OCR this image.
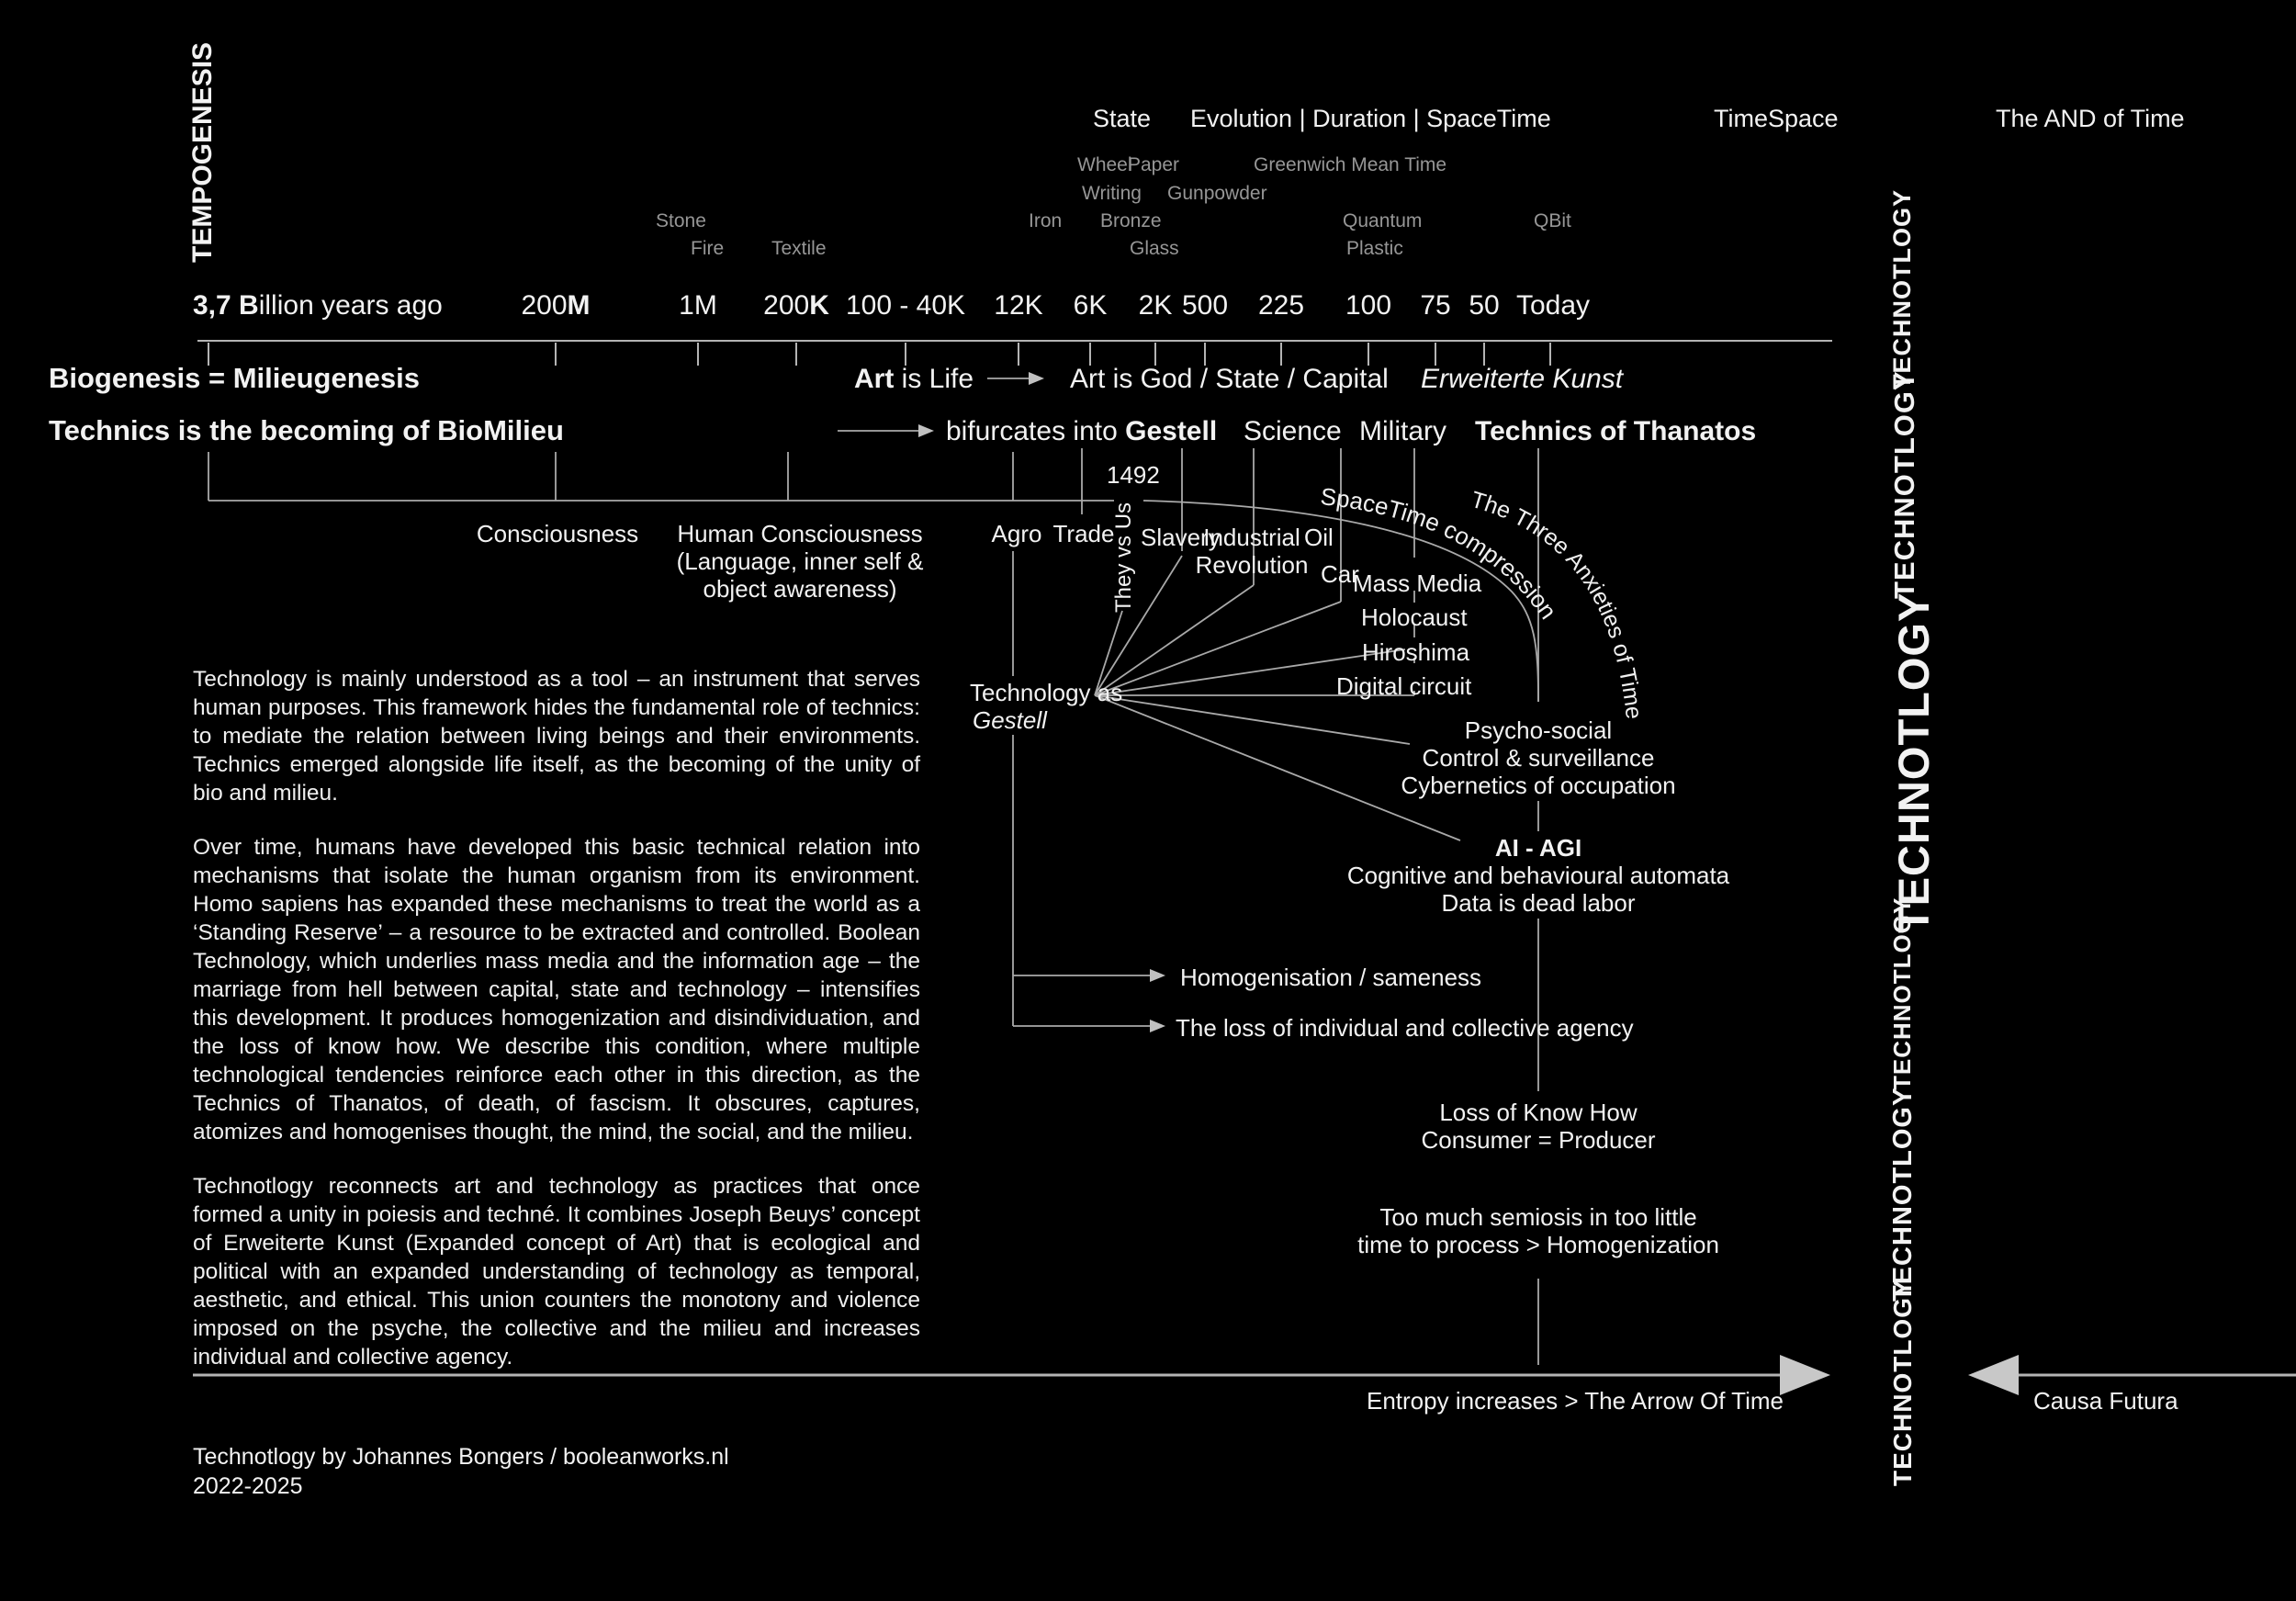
SpaceTime compression
The Three Anxieties of Time
TEMPOGENESIS
TECHNOTLOGY
TECHNOTLOGY
TECHNOTLOGY
TECHNOTLOGY
TECHNOTLOGY
TECHNOTLOGY
State Evolution | Duration | SpaceTime	TimeSpace	The AND of Time
Wheel
Paper	Greenwich Mean Time
Writing Gunpowder
Stone	Iron Bronze	Quantum	QBit
Fire Textile	Glass	Plastic
3,7 Billion years ago	200M	1M 200K 100 - 40K 12K 6K 2K 500 225 100 75 50 Today
Biogenesis = Milieugenesis	Art is Life	Art is God / State / Capital Erweiterte Kunst
Technics is the becoming of BioMilieu	bifurcates into Gestell Science Military Technics of Thanatos
Consciousness Human Consciousness
(Language, inner self &
object awareness)
Agro Trade
1492
They vs Us Slavery
Industrial
Revolution
Oil
Car
Mass Media
Holocaust
Hiroshima
Digital circuit
Technology as
Gestell	Psycho-social
Control & surveillance
Cybernetics of occupation
AI - AGI
Cognitive and behavioural automata
Data is dead labor
Homogenisation / sameness
The loss of individual and collective agency
Loss of Know How
Consumer = Producer
Too much semiosis in too little
time to process > Homogenization
Entropy increases > The Arrow Of Time	Causa Futura

Technology is mainly understood as a tool – an instrument that serves human purposes. This framework hides the fundamental role of technics: to mediate the relation between living beings and their environments. Technics emerged alongside life itself, as the becoming of the unity of bio and milieu.

Over time, humans have developed this basic technical relation into mechanisms that isolate the human organism from its environment. Homo sapiens has expanded these mechanisms to treat the world as a ‘Standing Reserve’ – a resource to be extracted and controlled. Boolean Technology, which underlies mass media and the information age – the marriage from hell between capital, state and technology – intensifies this development. It produces homogenization and disindividuation, and the loss of know how. We describe this condition, where multiple technological tendencies reinforce each other in this direction, as the Technics of Thanatos, of death, of fascism. It obscures, captures, atomizes and homogenises thought, the mind, the social, and the milieu.

Technotlogy reconnects art and technology as practices that once formed a unity in poiesis and techné. It combines Joseph Beuys’ concept of Erweiterte Kunst (Expanded concept of Art) that is ecological and political with an expanded understanding of technology as temporal, aesthetic, and ethical. This union counters the monotony and violence imposed on the psyche, the collective and the milieu and increases individual and collective agency.

Technotlogy by Johannes Bongers / booleanworks.nl
2022-2025
